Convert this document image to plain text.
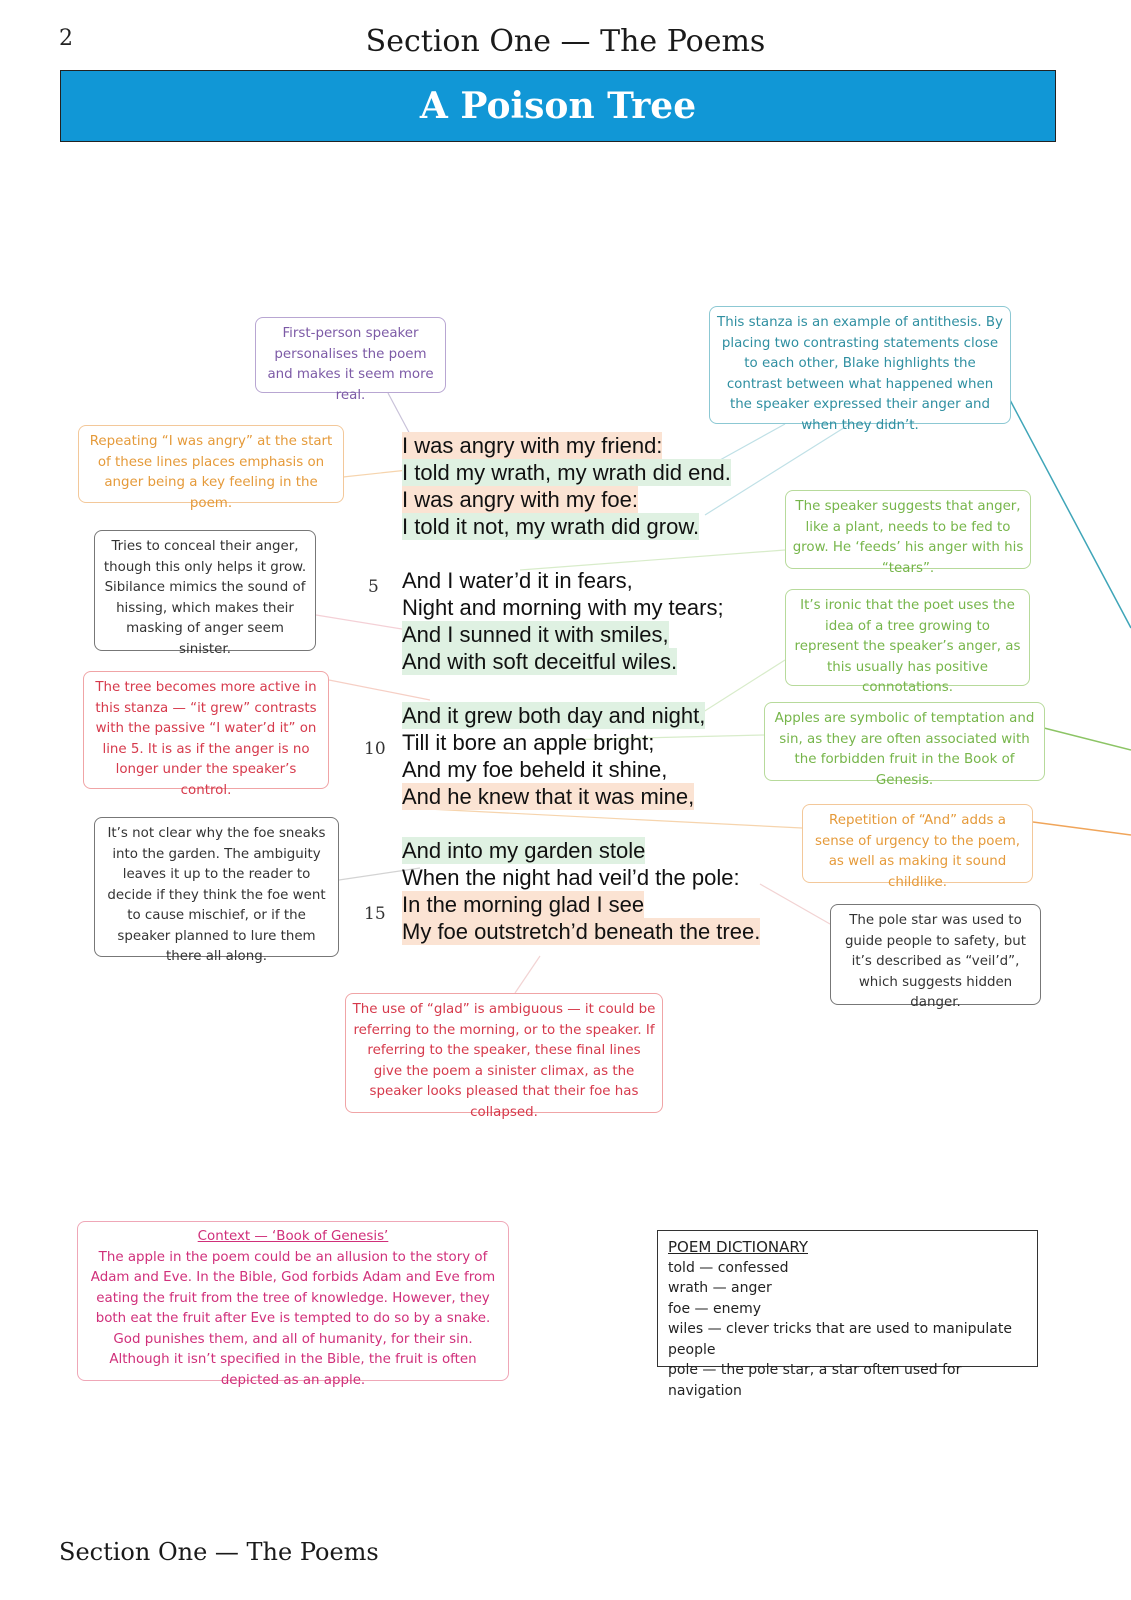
2	Section One — The Poems
A Poison Tree
5
10
15
I was angry with my friend:
I told my wrath, my wrath did end.
I was angry with my foe:
I told it not, my wrath did grow.
And I water’d it in fears,
Night and morning with my tears;
And I sunned it with smiles,
And with soft deceitful wiles.
And it grew both day and night,
Till it bore an apple bright;
And my foe beheld it shine,
And he knew that it was mine,
And into my garden stole
When the night had veil’d the pole:
In the morning glad I see
My foe outstretch’d beneath the tree.
First-person speaker personalises the poem and makes it seem more real.
This stanza is an example of antithesis. By placing two contrasting statements close to each other, Blake highlights the contrast between what happened when the speaker expressed their anger and when they didn’t.
Repeating “I was angry” at the start of these lines places emphasis on anger being a key feeling in the poem.
Tries to conceal their anger, though this only helps it grow. Sibilance mimics the sound of hissing, which makes their masking of anger seem sinister.
The speaker suggests that anger, like a plant, needs to be fed to grow. He ‘feeds’ his anger with his “tears”.
It’s ironic that the poet uses the idea of a tree growing to represent the speaker’s anger, as this usually has positive connotations.
The tree becomes more active in this stanza — “it grew” contrasts with the passive “I water’d it” on line 5. It is as if the anger is no longer under the speaker’s control.
Apples are symbolic of temptation and sin, as they are often associated with the forbidden fruit in the Book of Genesis.
Repetition of “And” adds a sense of urgency to the poem, as well as making it sound childlike.
It’s not clear why the foe sneaks into the garden. The ambiguity leaves it up to the reader to decide if they think the foe went to cause mischief, or if the speaker planned to lure them there all along.
The pole star was used to guide people to safety, but it’s described as “veil’d”, which suggests hidden danger.
The use of “glad” is ambiguous — it could be referring to the morning, or to the speaker. If referring to the speaker, these final lines give the poem a sinister climax, as the speaker looks pleased that their foe has collapsed.
Context — ‘Book of Genesis’
The apple in the poem could be an allusion to the story of Adam and Eve. In the Bible, God forbids Adam and Eve from eating the fruit from the tree of knowledge. However, they both eat the fruit after Eve is tempted to do so by a snake. God punishes them, and all of humanity, for their sin. Although it isn’t specified in the Bible, the fruit is often depicted as an apple.
POEM DICTIONARY
told — confessed
wrath — anger
foe — enemy
wiles — clever tricks that are used to manipulate people
pole — the pole star, a star often used for navigation
Section One — The Poems
